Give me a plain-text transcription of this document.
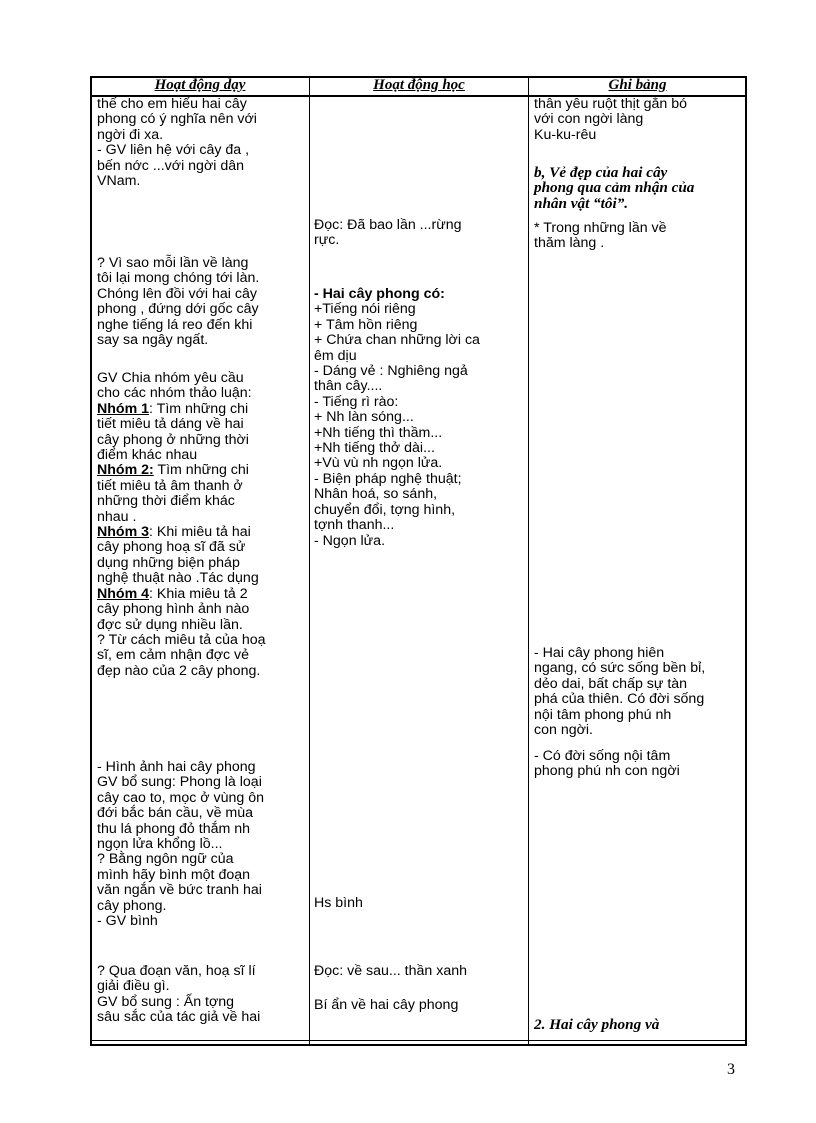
Hoạt động dạy	Hoạt động học	Ghi bảng
thế cho em hiểu hai cây
phong có ý nghĩa nên với
ngời đi xa.
- GV liên hệ với cây đa ,
bến nớc ...với ngời dân
VNam.
? Vì sao mỗi lần về làng
tôi lại mong chóng tới làn.
Chóng lên đồi với hai cây
phong , đứng dới gốc cây
nghe tiếng lá reo đến khi
say sa ngây ngất.
GV Chia nhóm yêu cầu
cho các nhóm thảo luận:
Nhóm 1: Tìm những chi
tiết miêu tả dáng về hai
cây phong ở những thời
điểm khác nhau
Nhóm 2: Tìm những chi
tiết miêu tả âm thanh ở
những thời điểm khác
nhau .
Nhóm 3: Khi miêu tả hai
cây phong hoạ sĩ đã sử
dụng những biện pháp
nghệ thuật nào .Tác dụng
Nhóm 4: Khia miêu tả 2
cây phong hình ảnh nào
đợc sử dụng nhiều lần.
? Từ cách miêu tả của hoạ
sĩ, em cảm nhận đợc vẻ
đẹp nào của 2 cây phong.
- Hình ảnh hai cây phong
GV bổ sung: Phong là loại
cây cao to, mọc ở vùng ôn
đới bắc bán cầu, về mùa
thu lá phong đỏ thắm nh
ngọn lửa khổng lồ...
? Bằng ngôn ngữ của
mình hãy bình một đoạn
văn ngắn về bức tranh hai
cây phong.
- GV bình
? Qua đoạn văn, hoạ sĩ lí
giải điều gì.
GV bổ sung : Ấn tợng
sâu sắc của tác giả về hai
Đọc: Đã bao lần ...rừng
rực.
- Hai cây phong có:
+Tiếng nói riêng
+ Tâm hồn riêng
+ Chứa chan những lời ca
êm dịu
- Dáng vẻ : Nghiêng ngả
thân cây....
- Tiếng rì rào:
+ Nh làn sóng...
+Nh tiếng thì thầm...
+Nh tiếng thở dài...
+Vù vù nh ngọn lửa.
- Biện pháp nghệ thuật;
Nhân hoá, so sánh,
chuyển đổi, tợng hình,
tợnh thanh...
- Ngọn lửa.
Hs bình
Đọc: về sau... thần xanh
Bí ẩn về hai cây phong
thân yêu ruột thịt gắn bó
với con ngời làng
Ku-ku-rêu
b, Vẻ đẹp của hai cây
phong qua cảm nhận của
nhân vật “tôi”.
* Trong những lần về
thăm làng .
- Hai cây phong hiên
ngang, có sức sống bền bỉ,
dẻo dai, bất chấp sự tàn
phá của thiên. Có đời sống
nội tâm phong phú nh
con ngời.
- Có đời sống nội tâm
phong phú nh con ngời
2. Hai cây phong và
3
